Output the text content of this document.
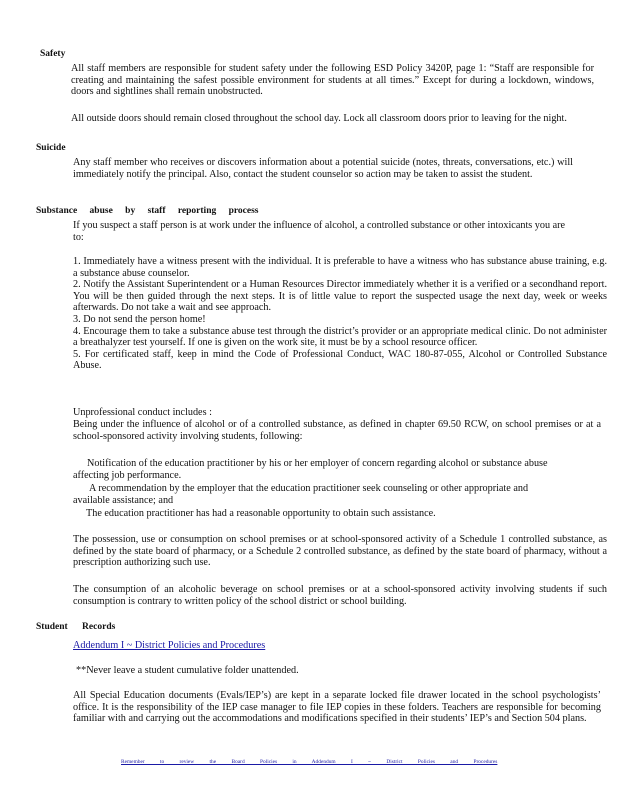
Safety
All staff members are responsible for student safety under the following ESD Policy 3420P, page 1: “Staff are responsible for creating and maintaining the safest possible environment for students at all times.” Except for during a lockdown, windows, doors and sightlines shall remain unobstructed.
All outside doors should remain closed throughout the school day. Lock all classroom doors prior to leaving for the night.
Suicide
Any staff member who receives or discovers information about a potential suicide (notes, threats, conversations, etc.) will immediately notify the principal. Also, contact the student counselor so action may be taken to assist the student.
Substance abuse by staff reporting process
If you suspect a staff person is at work under the influence of alcohol, a controlled substance or other intoxicants you are to:

1. Immediately have a witness present with the individual. It is preferable to have a witness who has substance abuse training, e.g. a substance abuse counselor.

2. Notify the Assistant Superintendent or a Human Resources Director immediately whether it is a verified or a secondhand report. You will be then guided through the next steps. It is of little value to report the suspected usage the next day, week or weeks afterwards. Do not take a wait and see approach.

3. Do not send the person home!

4. Encourage them to take a substance abuse test through the district’s provider or an appropriate medical clinic. Do not administer a breathalyzer test yourself. If one is given on the work site, it must be by a school resource officer.

5. For certificated staff, keep in mind the Code of Professional Conduct, WAC 180-87-055, Alcohol or Controlled Substance Abuse.

Unprofessional conduct includes :
Being under the influence of alcohol or of a controlled substance, as defined in chapter 69.50 RCW, on school premises or at a school-sponsored activity involving students, following:
Notification of the education practitioner by his or her employer of concern regarding alcohol or substance abuse affecting job performance.
A recommendation by the employer that the education practitioner seek counseling or other appropriate and available assistance; and
The education practitioner has had a reasonable opportunity to obtain such assistance.
The possession, use or consumption on school premises or at school-sponsored activity of a Schedule 1 controlled substance, as defined by the state board of pharmacy, or a Schedule 2 controlled substance, as defined by the state board of pharmacy, without a prescription authorizing such use.
The consumption of an alcoholic beverage on school premises or at a school-sponsored activity involving students if such consumption is contrary to written policy of the school district or school building.
Student Records
Addendum I ~ District Policies and Procedures
**Never leave a student cumulative folder unattended.
All Special Education documents (Evals/IEP’s) are kept in a separate locked file drawer located in the school psychologists’ office. It is the responsibility of the IEP case manager to file IEP copies in these folders. Teachers are responsible for becoming familiar with and carrying out the accommodations and modifications specified in their students’ IEP’s and Section 504 plans.
Remember to review the Board Policies in Addendum I ~ District Policies and Procedures
